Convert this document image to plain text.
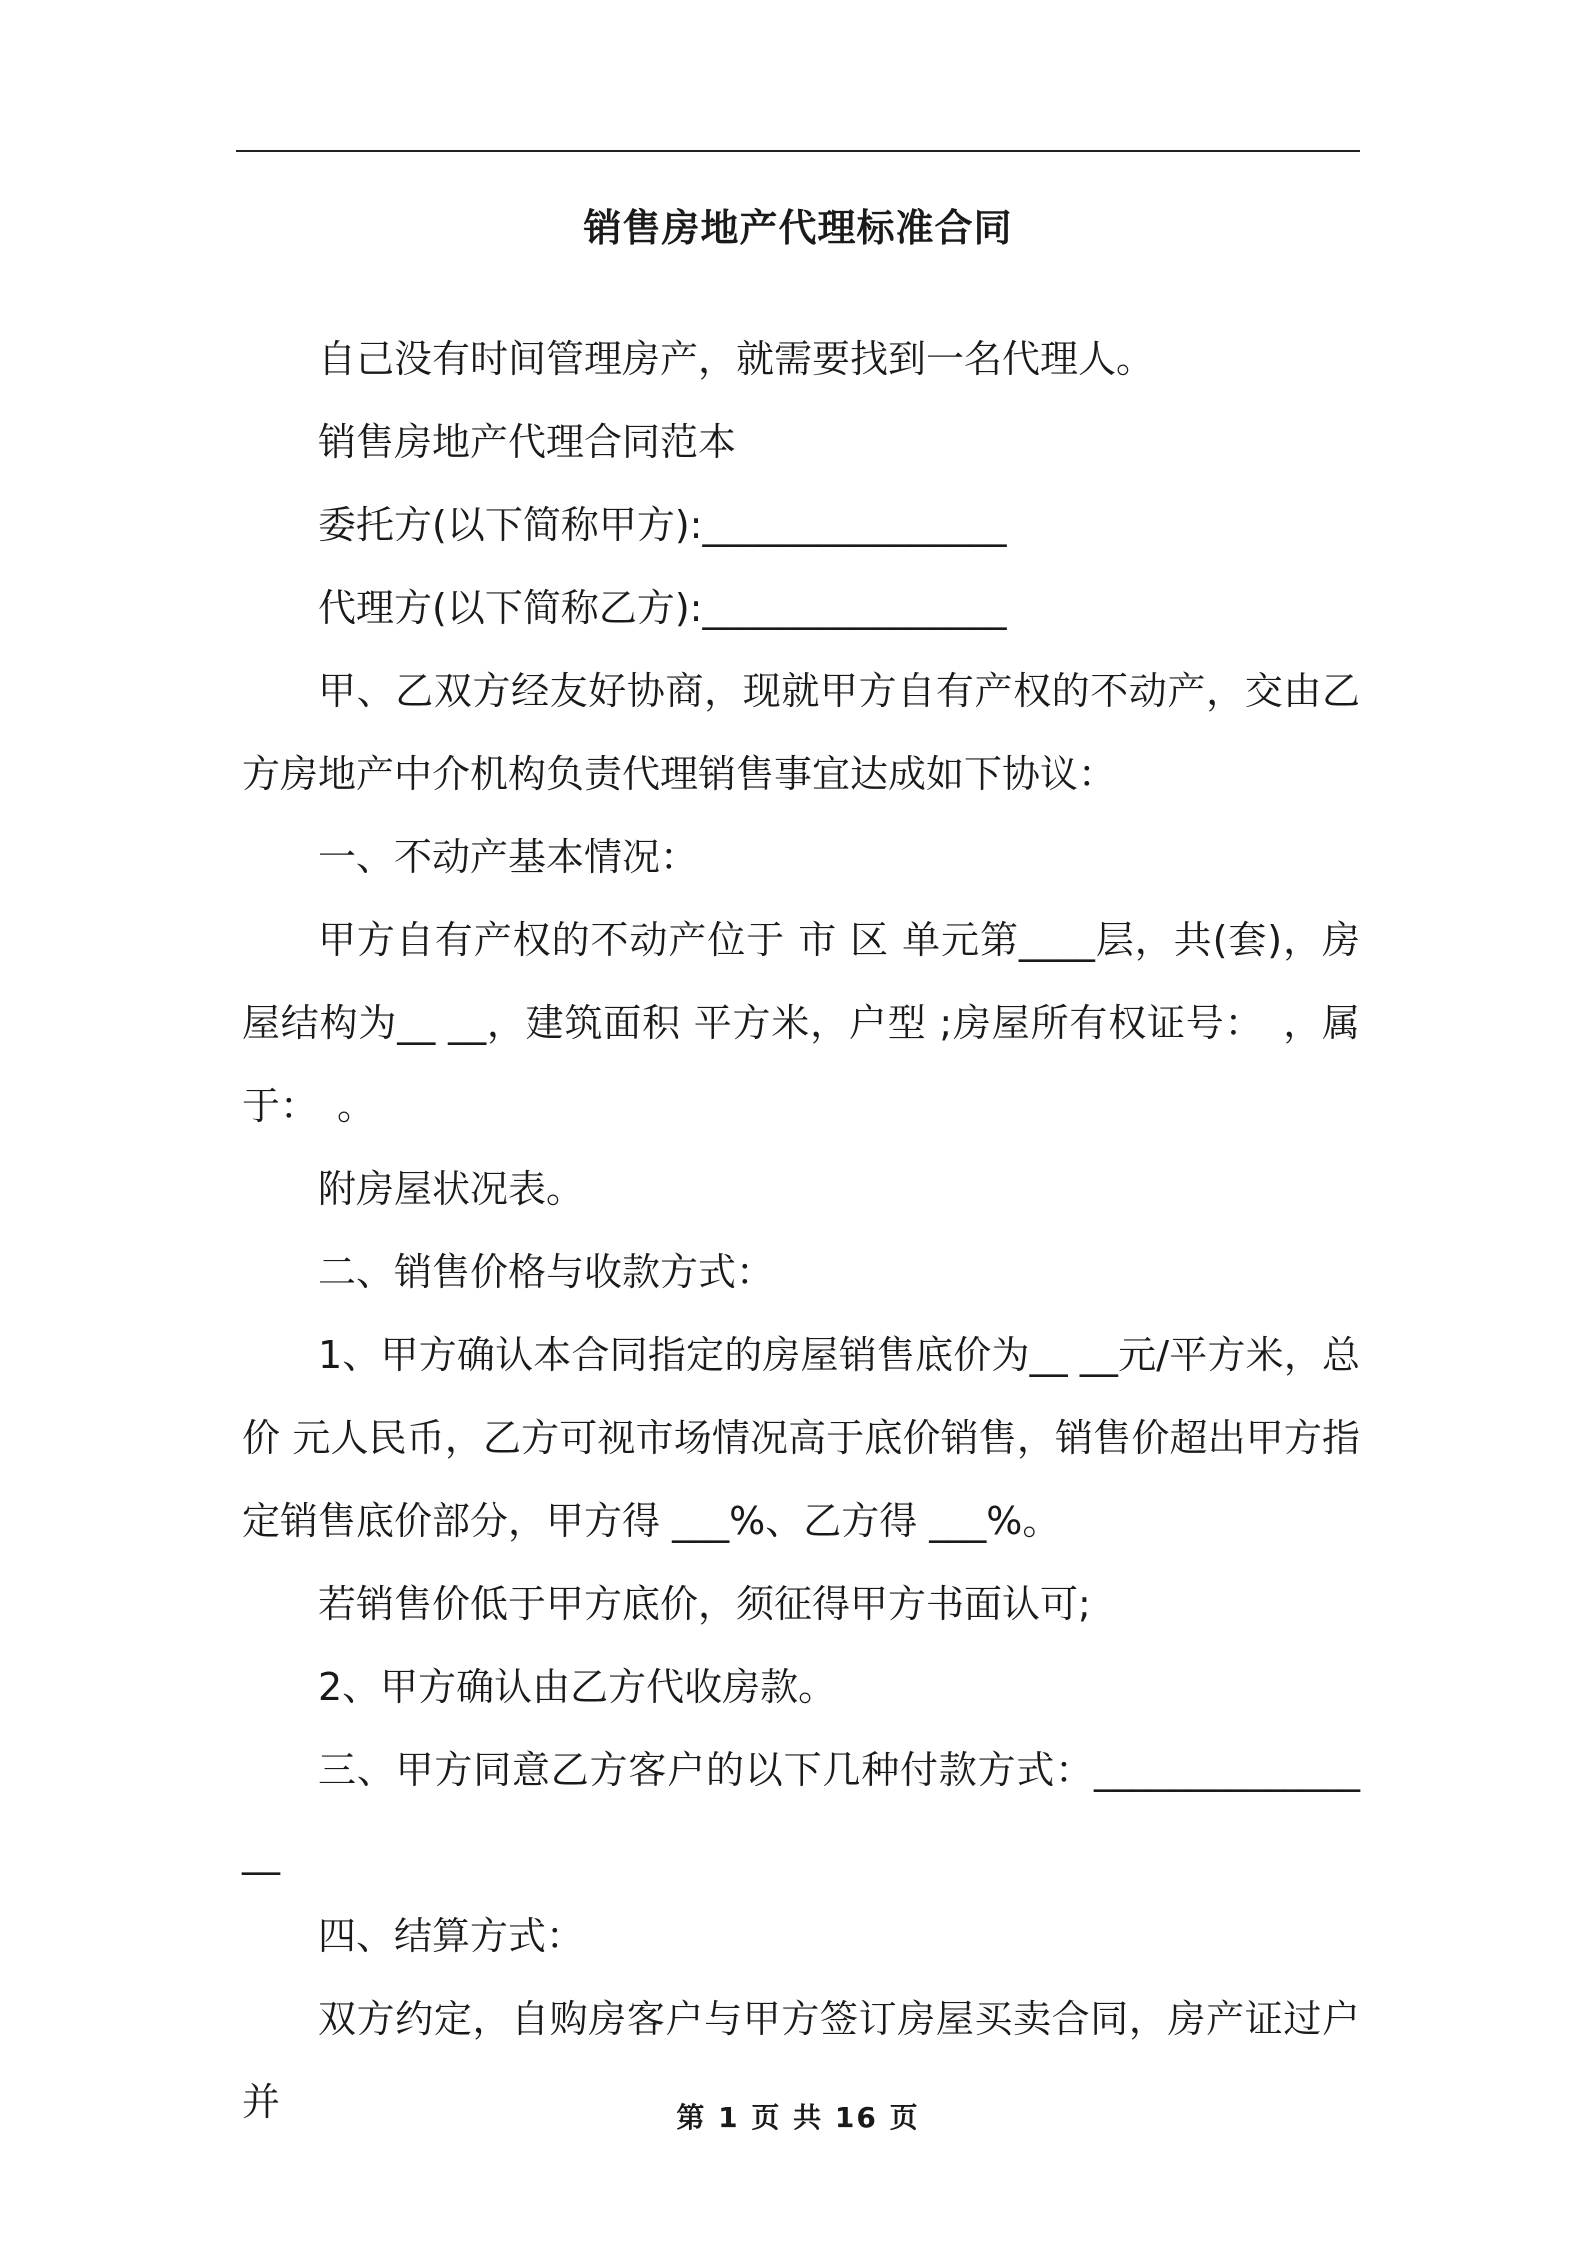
销售房地产代理标准合同

自己没有时间管理房产，就需要找到一名代理人。

销售房地产代理合同范本

委托方(以下简称甲方):________________

代理方(以下简称乙方):________________

甲、乙双方经友好协商，现就甲方自有产权的不动产，交由乙方房地产中介机构负责代理销售事宜达成如下协议：

一、不动产基本情况：

甲方自有产权的不动产位于 市 区 单元第____层，共(套)，房屋结构为__ __，建筑面积 平方米，户型 ;房屋所有权证号：　，属于：　。

附房屋状况表。

二、销售价格与收款方式：

1、甲方确认本合同指定的房屋销售底价为__ __元/平方米，总价 元人民币，乙方可视市场情况高于底价销售，销售价超出甲方指定销售底价部分，甲方得 ___%、乙方得 ___%。

若销售价低于甲方底价，须征得甲方书面认可;

2、甲方确认由乙方代收房款。

三、甲方同意乙方客户的以下几种付款方式：________________

四、结算方式：

双方约定，自购房客户与甲方签订房屋买卖合同，房产证过户并	第 1 页 共 16 页
